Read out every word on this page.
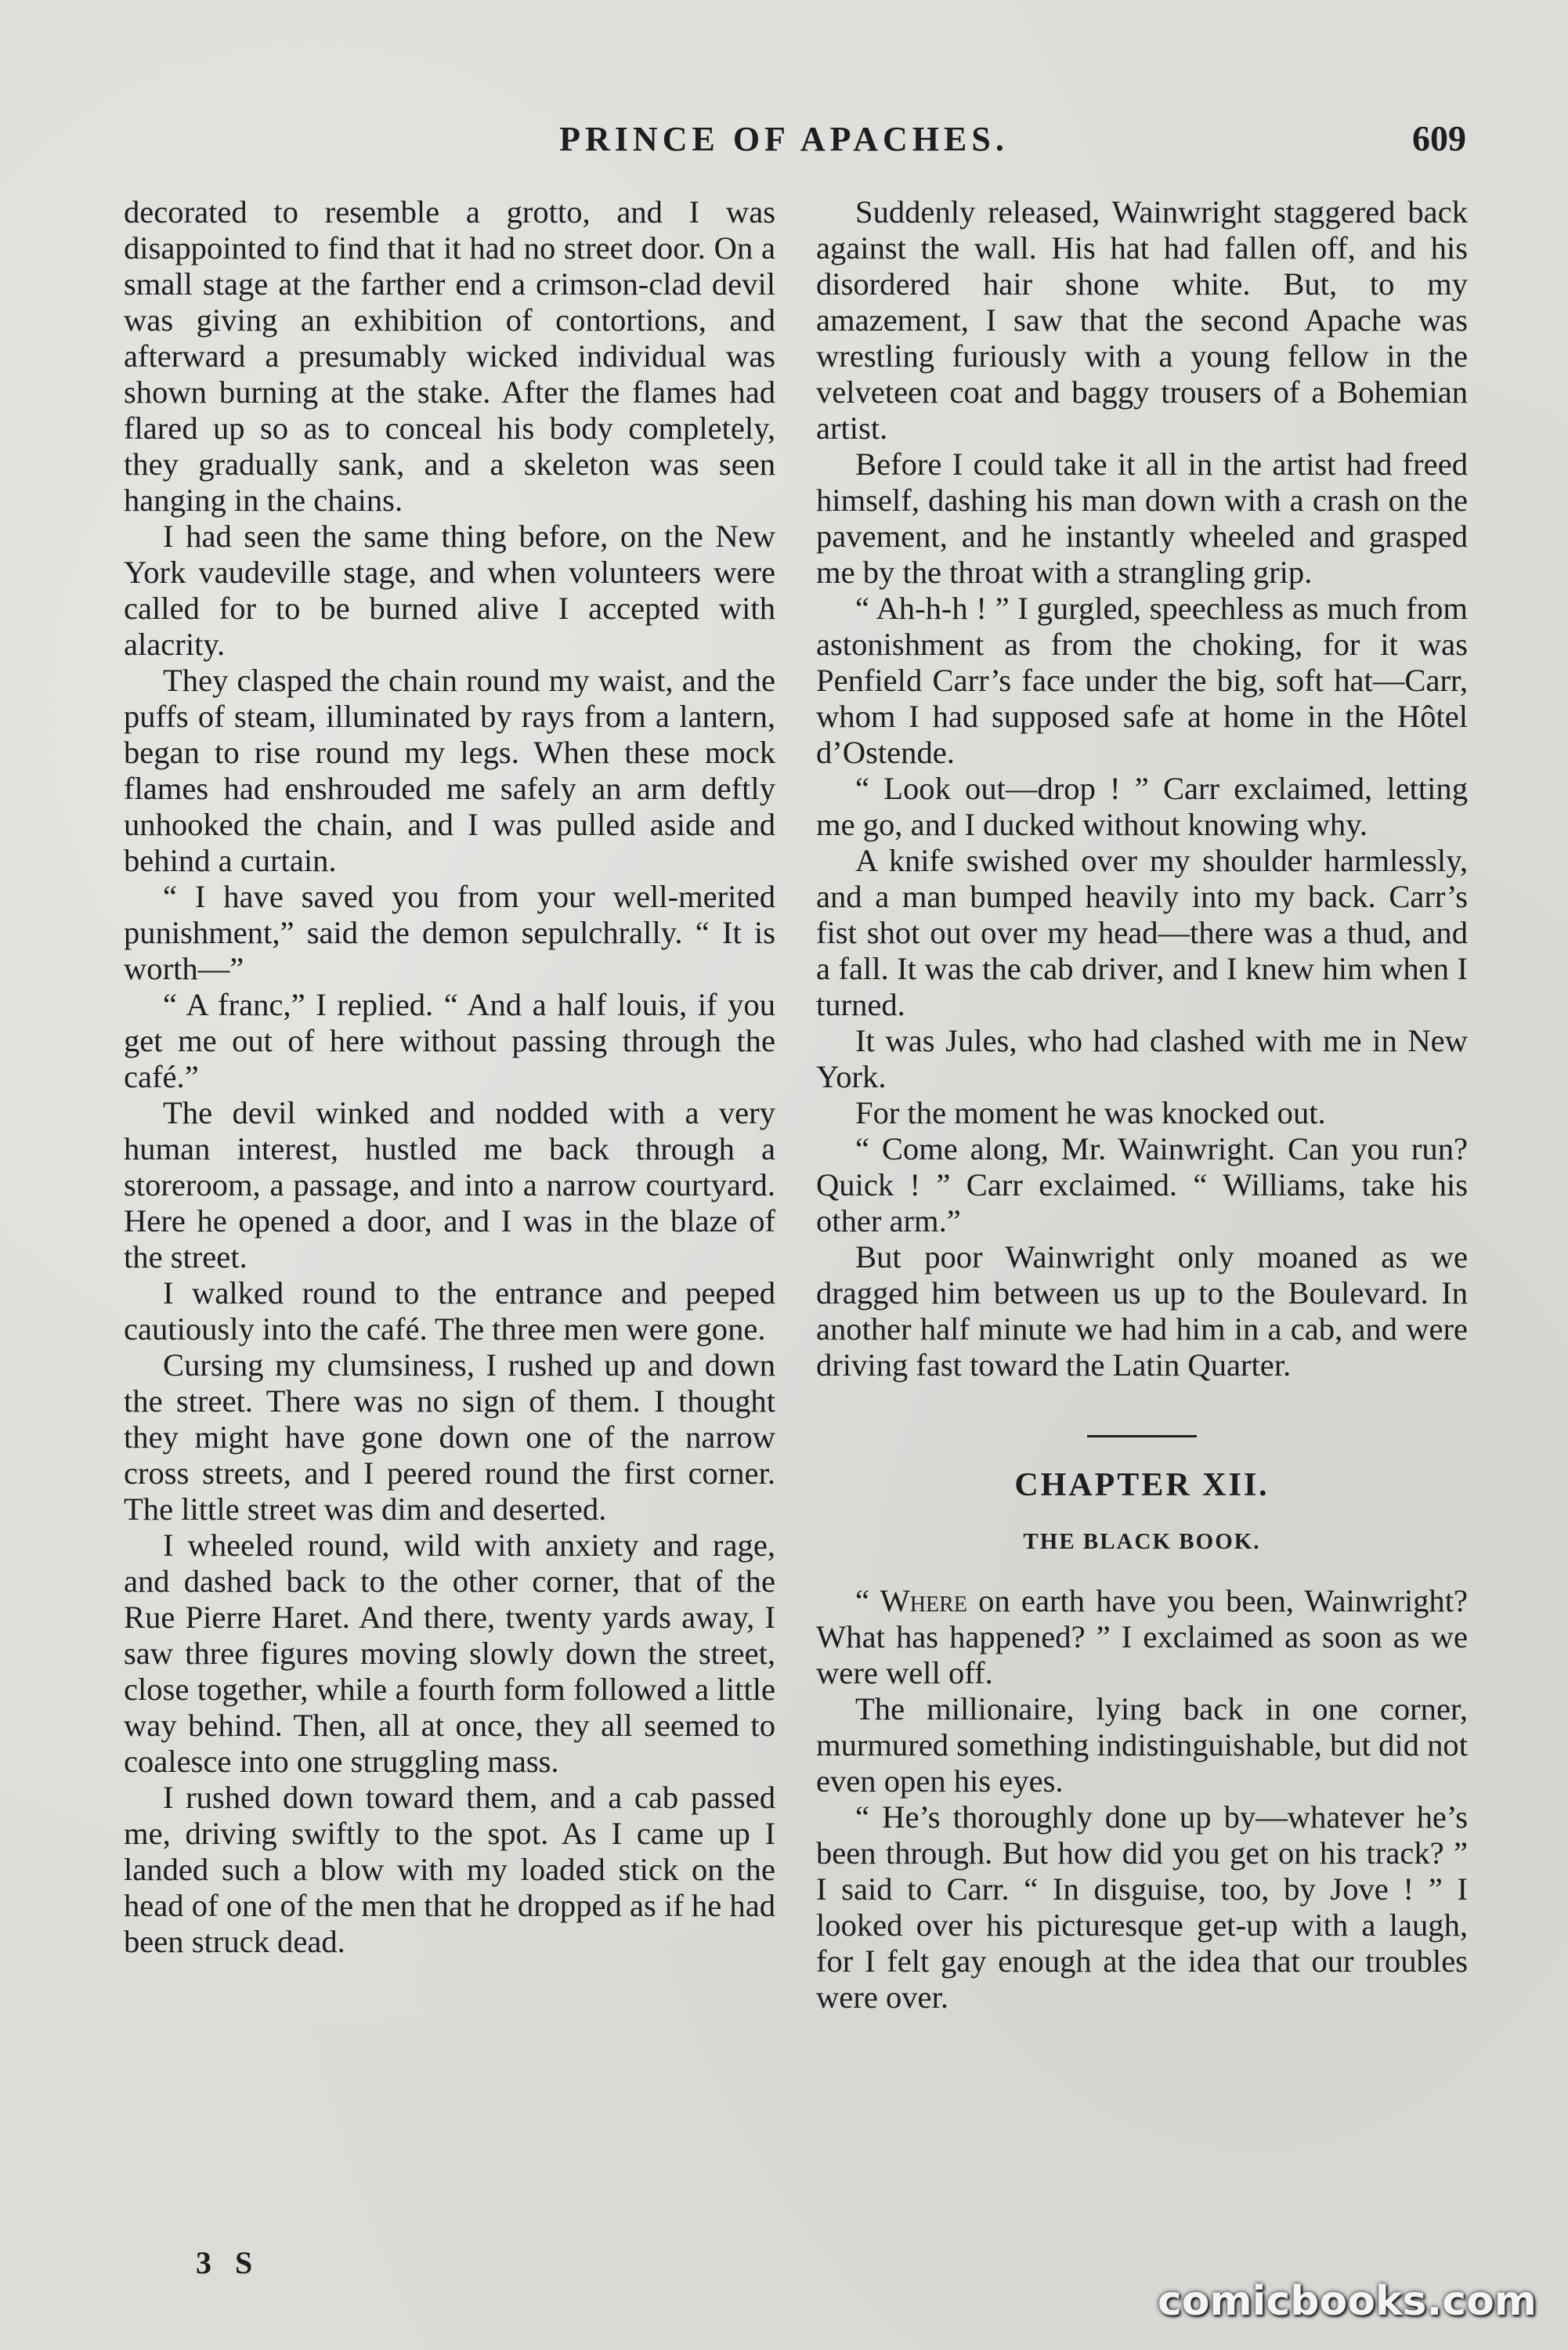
PRINCE OF APACHES.	609

decorated to resemble a grotto, and I was disappointed to find that it had no street door. On a small stage at the farther end a crimson-clad devil was giving an exhibition of contortions, and afterward a presumably wicked individual was shown burning at the stake. After the flames had flared up so as to conceal his body completely, they gradually sank, and a skeleton was seen hanging in the chains.

I had seen the same thing before, on the New York vaudeville stage, and when volunteers were called for to be burned alive I accepted with alacrity.

They clasped the chain round my waist, and the puffs of steam, illuminated by rays from a lantern, began to rise round my legs. When these mock flames had enshrouded me safely an arm deftly unhooked the chain, and I was pulled aside and behind a curtain.

“ I have saved you from your well-merited punishment,” said the demon sepulchrally. “ It is worth—”

“ A franc,” I replied. “ And a half louis, if you get me out of here without passing through the café.”

The devil winked and nodded with a very human interest, hustled me back through a storeroom, a passage, and into a narrow courtyard. Here he opened a door, and I was in the blaze of the street.

I walked round to the entrance and peeped cautiously into the café. The three men were gone.

Cursing my clumsiness, I rushed up and down the street. There was no sign of them. I thought they might have gone down one of the narrow cross streets, and I peered round the first corner. The little street was dim and deserted.

I wheeled round, wild with anxiety and rage, and dashed back to the other corner, that of the Rue Pierre Haret. And there, twenty yards away, I saw three figures moving slowly down the street, close together, while a fourth form followed a little way behind. Then, all at once, they all seemed to coalesce into one struggling mass.

I rushed down toward them, and a cab passed me, driving swiftly to the spot. As I came up I landed such a blow with my loaded stick on the head of one of the men that he dropped as if he had been struck dead.

Suddenly released, Wainwright staggered back against the wall. His hat had fallen off, and his disordered hair shone white. But, to my amazement, I saw that the second Apache was wrestling furiously with a young fellow in the velveteen coat and baggy trousers of a Bohemian artist.

Before I could take it all in the artist had freed himself, dashing his man down with a crash on the pavement, and he instantly wheeled and grasped me by the throat with a strangling grip.

“ Ah-h-h ! ” I gurgled, speechless as much from astonishment as from the choking, for it was Penfield Carr’s face under the big, soft hat—Carr, whom I had supposed safe at home in the Hôtel d’Ostende.

“ Look out—drop ! ” Carr exclaimed, letting me go, and I ducked without knowing why.

A knife swished over my shoulder harmlessly, and a man bumped heavily into my back. Carr’s fist shot out over my head—there was a thud, and a fall. It was the cab driver, and I knew him when I turned.

It was Jules, who had clashed with me in New York.

For the moment he was knocked out.

“ Come along, Mr. Wainwright. Can you run? Quick ! ” Carr exclaimed. “ Williams, take his other arm.”

But poor Wainwright only moaned as we dragged him between us up to the Boulevard. In another half minute we had him in a cab, and were driving fast toward the Latin Quarter.

CHAPTER XII.
THE BLACK BOOK.

“ Where on earth have you been, Wainwright? What has happened? ” I exclaimed as soon as we were well off.

The millionaire, lying back in one corner, murmured something indistinguishable, but did not even open his eyes.

“ He’s thoroughly done up by—whatever he’s been through. But how did you get on his track? ” I said to Carr. “ In disguise, too, by Jove ! ” I looked over his picturesque get-up with a laugh, for I felt gay enough at the idea that our troubles were over.

3 S
comicbooks.com
